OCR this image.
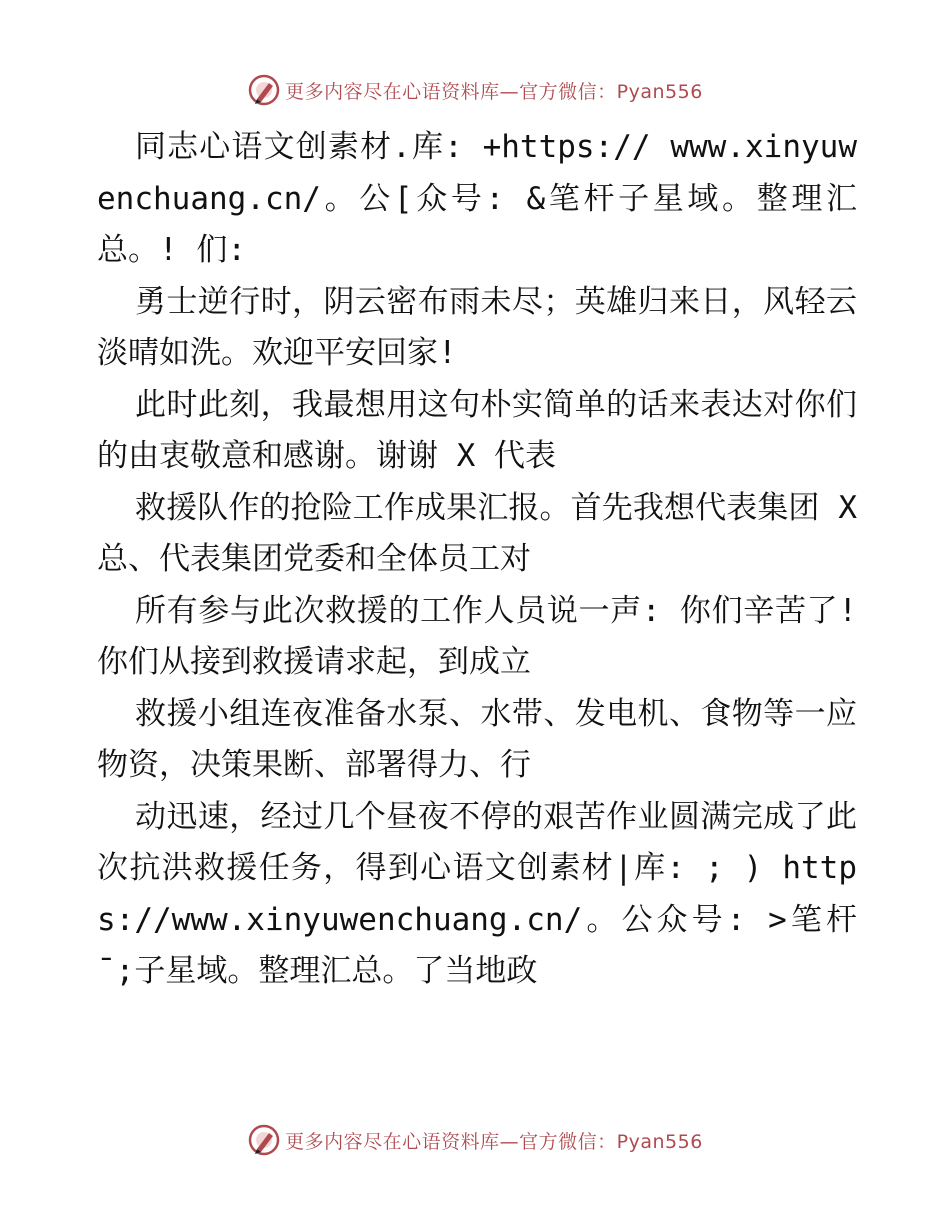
更多内容尽在心语资料库—官方微信：Pyan556

同志心语文创素材.库: +https:// www.xinyuwenchuang.cn/。公[众号: &笔杆子星域。整理汇总。! 们:

勇士逆行时，阴云密布雨未尽；英雄归来日，风轻云淡晴如洗。欢迎平安回家!

此时此刻，我最想用这句朴实简单的话来表达对你们的由衷敬意和感谢。谢谢 X 代表

救援队作的抢险工作成果汇报。首先我想代表集团 X 总、代表集团党委和全体员工对

所有参与此次救援的工作人员说一声: 你们辛苦了! 你们从接到救援请求起，到成立

救援小组连夜准备水泵、水带、发电机、食物等一应物资，决策果断、部署得力、行

动迅速，经过几个昼夜不停的艰苦作业圆满完成了此次抗洪救援任务，得到心语文创素材|库: ; ) https://www.xinyuwenchuang.cn/。公众号: >笔杆¯;子星域。整理汇总。了当地政

更多内容尽在心语资料库—官方微信：Pyan556
